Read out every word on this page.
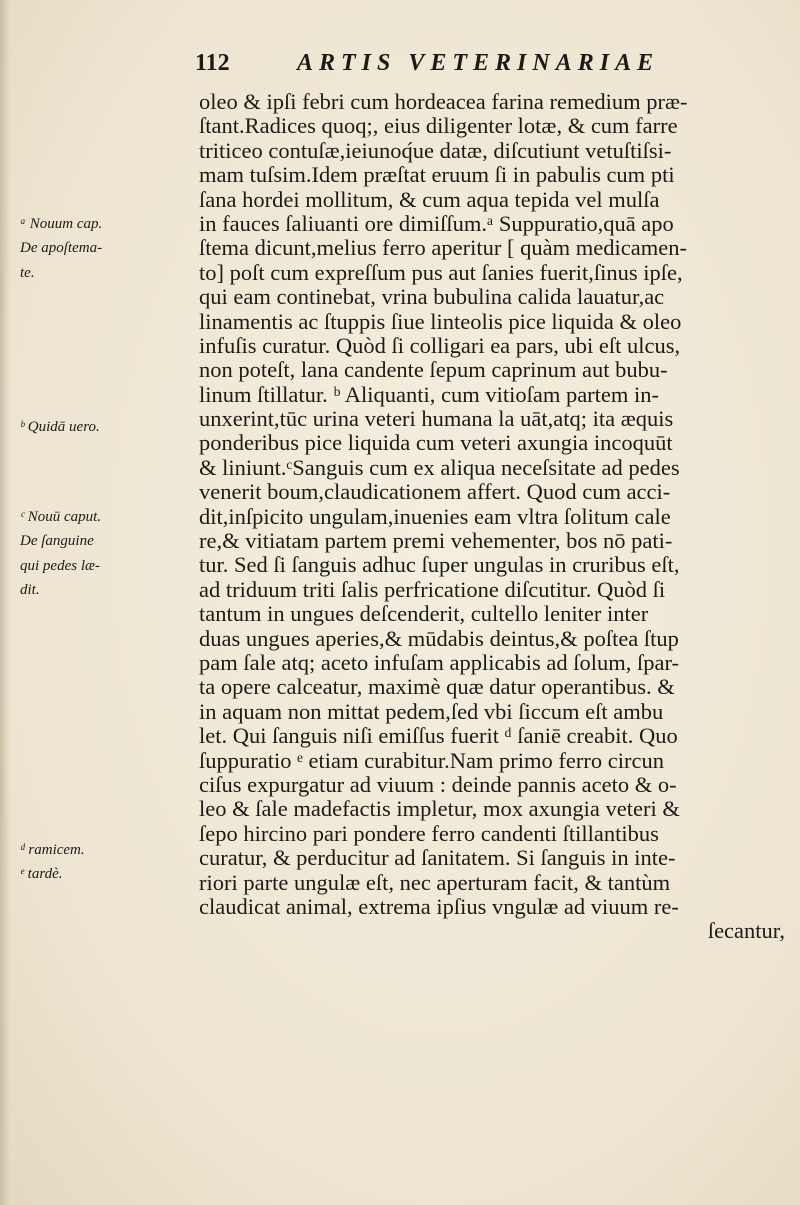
112	ARTIS VETERINARIAE
oleo & ipſi febri cum hordeacea farina remedium præ-
ſtant.Radices quoq;, eius diligenter lotæ, & cum farre
triticeo contuſæ,ieiunoq́ue datæ, diſcutiunt vetuſtiſsi-
mam tuſsim.Idem præſtat eruum ſi in pabulis cum pti
ſana hordei mollitum, & cum aqua tepida vel mulſa
in fauces ſaliuanti ore dimiſſum.ᵃ Suppuratio,quā apo
ſtema dicunt,melius ferro aperitur [ quàm medicamen-
to] poſt cum expreſſum pus aut ſanies fuerit,ſinus ipſe,
qui eam continebat, vrina bubulina calida lauatur,ac
linamentis ac ſtuppis ſiue linteolis pice liquida & oleo
infuſis curatur. Quòd ſi colligari ea pars, ubi eſt ulcus,
non poteſt, lana candente ſepum caprinum aut bubu-
linum ſtillatur. ᵇ Aliquanti, cum vitioſam partem in-
unxerint,tūc urina veteri humana la uāt,atq; ita æquis
ponderibus pice liquida cum veteri axungia incoquūt
& liniunt.ᶜSanguis cum ex aliqua neceſsitate ad pedes
venerit boum,claudicationem affert. Quod cum acci-
dit,inſpicito ungulam,inuenies eam vltra ſolitum cale
re,& vitiatam partem premi vehementer, bos nō pati-
tur. Sed ſi ſanguis adhuc ſuper ungulas in cruribus eſt,
ad triduum triti ſalis perfricatione diſcutitur. Quòd ſi
tantum in ungues deſcenderit, cultello leniter inter
duas ungues aperies,& mūdabis deintus,& poſtea ſtup
pam ſale atq; aceto infuſam applicabis ad ſolum, ſpar-
ta opere calceatur, maximè quæ datur operantibus. &
in aquam non mittat pedem,ſed vbi ſiccum eſt ambu
let. Qui ſanguis niſi emiſſus fuerit ᵈ ſaniē creabit. Quo
ſuppuratio ᵉ etiam curabitur.Nam primo ferro circun
ciſus expurgatur ad viuum : deinde pannis aceto & o-
leo & ſale madefactis impletur, mox axungia veteri &
ſepo hircino pari pondere ferro candenti ſtillantibus
curatur, & perducitur ad ſanitatem. Si ſanguis in inte-
riori parte ungulæ eſt, nec aperturam facit, & tantùm
claudicat animal, extrema ipſius vngulæ ad viuum re-
ſecantur,
ᵃ Nouum cap.
De apoſtema-
te.
ᵇ Quidā uero.
ᶜ Nouū caput.
De ſanguine
qui pedes læ-
dit.
ᵈ ramicem.
ᵉ tardè.
